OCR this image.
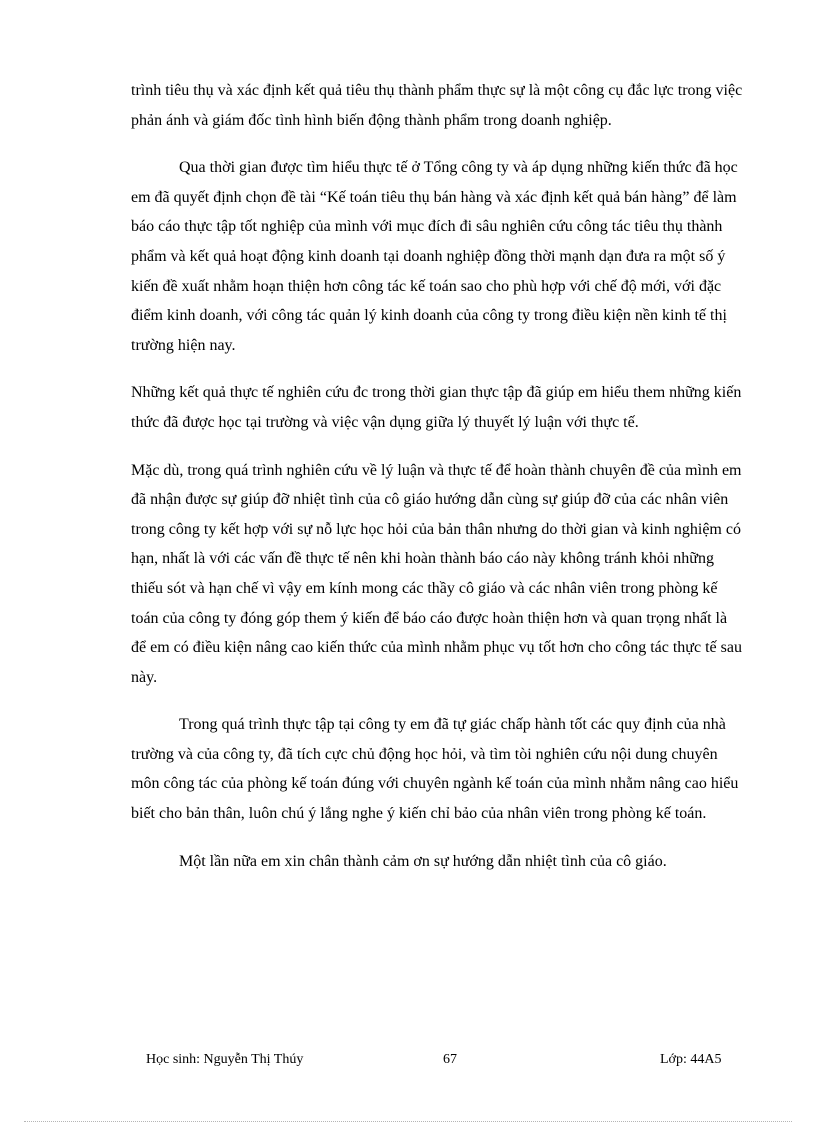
trình tiêu thụ và xác định kết quả tiêu thụ thành phẩm thực sự là một công cụ đắc lực trong việc phản ánh và giám đốc tình hình biến động thành phẩm trong doanh nghiệp.

Qua thời gian được tìm hiểu thực tế ở Tổng công ty và áp dụng những kiến thức đã học em đã quyết định chọn đề tài “Kế toán tiêu thụ bán hàng và xác định kết quả bán hàng” để làm báo cáo thực tập tốt nghiệp của mình với mục đích đi sâu nghiên cứu công tác tiêu thụ thành phẩm và kết quả hoạt động kinh doanh tại doanh nghiệp đồng thời mạnh dạn đưa ra một số ý kiến đề xuất nhằm hoạn thiện hơn công tác kế toán sao cho phù hợp với chế độ mới, với đặc điểm kinh doanh, với công tác quản lý kinh doanh của công ty trong điều kiện nền kinh tế thị trường hiện nay.

Những kết quả thực tế nghiên cứu đc trong thời gian thực tập đã giúp em hiểu them những kiến thức đã được học tại trường và việc vận dụng giữa lý thuyết lý luận với thực tế.

Mặc dù, trong quá trình nghiên cứu về lý luận và thực tế để hoàn thành chuyên đề của mình em đã nhận được sự giúp đỡ nhiệt tình của cô giáo hướng dẫn cùng sự giúp đỡ của các nhân viên trong công ty kết hợp với sự nỗ lực học hỏi của bản thân nhưng do thời gian và kinh nghiệm có hạn, nhất là với các vấn đề thực tế nên khi hoàn thành báo cáo này không tránh khỏi những thiếu sót và hạn chế vì vậy em kính mong các thầy cô giáo và các nhân viên trong phòng kế toán của công ty đóng góp them ý kiến để báo cáo được hoàn thiện hơn và quan trọng nhất là để em có điều kiện nâng cao kiến thức của mình nhằm phục vụ tốt hơn cho công tác thực tế sau này.

Trong quá trình thực tập tại công ty em đã tự giác chấp hành tốt các quy định của nhà trường và của công ty, đã tích cực chủ động học hỏi, và tìm tòi nghiên cứu nội dung chuyên môn công tác của phòng kế toán đúng với chuyên ngành kế toán của mình nhằm nâng cao hiểu biết cho bản thân, luôn chú ý lắng nghe ý kiến chỉ bảo của nhân viên trong phòng kế toán.

Một lần nữa em xin chân thành cảm ơn sự hướng dẫn nhiệt tình của cô giáo.

Học sinh: Nguyễn Thị Thúy	67	Lớp: 44A5
